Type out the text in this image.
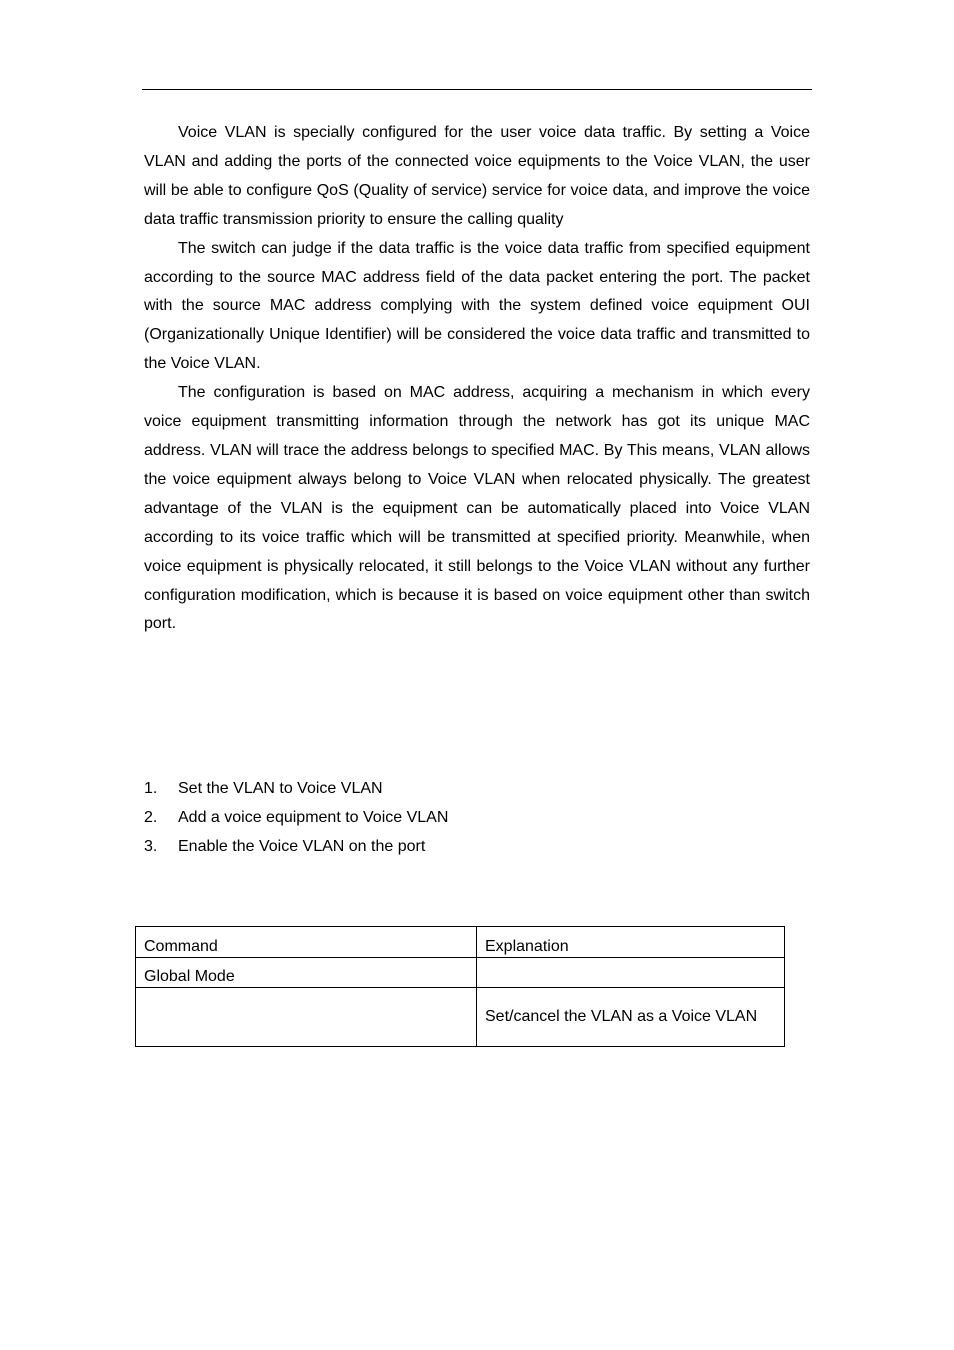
Voice VLAN is specially configured for the user voice data traffic. By setting a Voice VLAN and adding the ports of the connected voice equipments to the Voice VLAN, the user will be able to configure QoS (Quality of service) service for voice data, and improve the voice data traffic transmission priority to ensure the calling quality

The switch can judge if the data traffic is the voice data traffic from specified equipment according to the source MAC address field of the data packet entering the port. The packet with the source MAC address complying with the system defined voice equipment OUI (Organizationally Unique Identifier) will be considered the voice data traffic and transmitted to the Voice VLAN.

The configuration is based on MAC address, acquiring a mechanism in which every voice equipment transmitting information through the network has got its unique MAC address. VLAN will trace the address belongs to specified MAC. By This means, VLAN allows the voice equipment always belong to Voice VLAN when relocated physically. The greatest advantage of the VLAN is the equipment can be automatically placed into Voice VLAN according to its voice traffic which will be transmitted at specified priority. Meanwhile, when voice equipment is physically relocated, it still belongs to the Voice VLAN without any further configuration modification, which is because it is based on voice equipment other than switch port.

1.	Set the VLAN to Voice VLAN
2.	Add a voice equipment to Voice VLAN
3.	Enable the Voice VLAN on the port
Command	Explanation
Global Mode	
	Set/cancel the VLAN as a Voice VLAN
